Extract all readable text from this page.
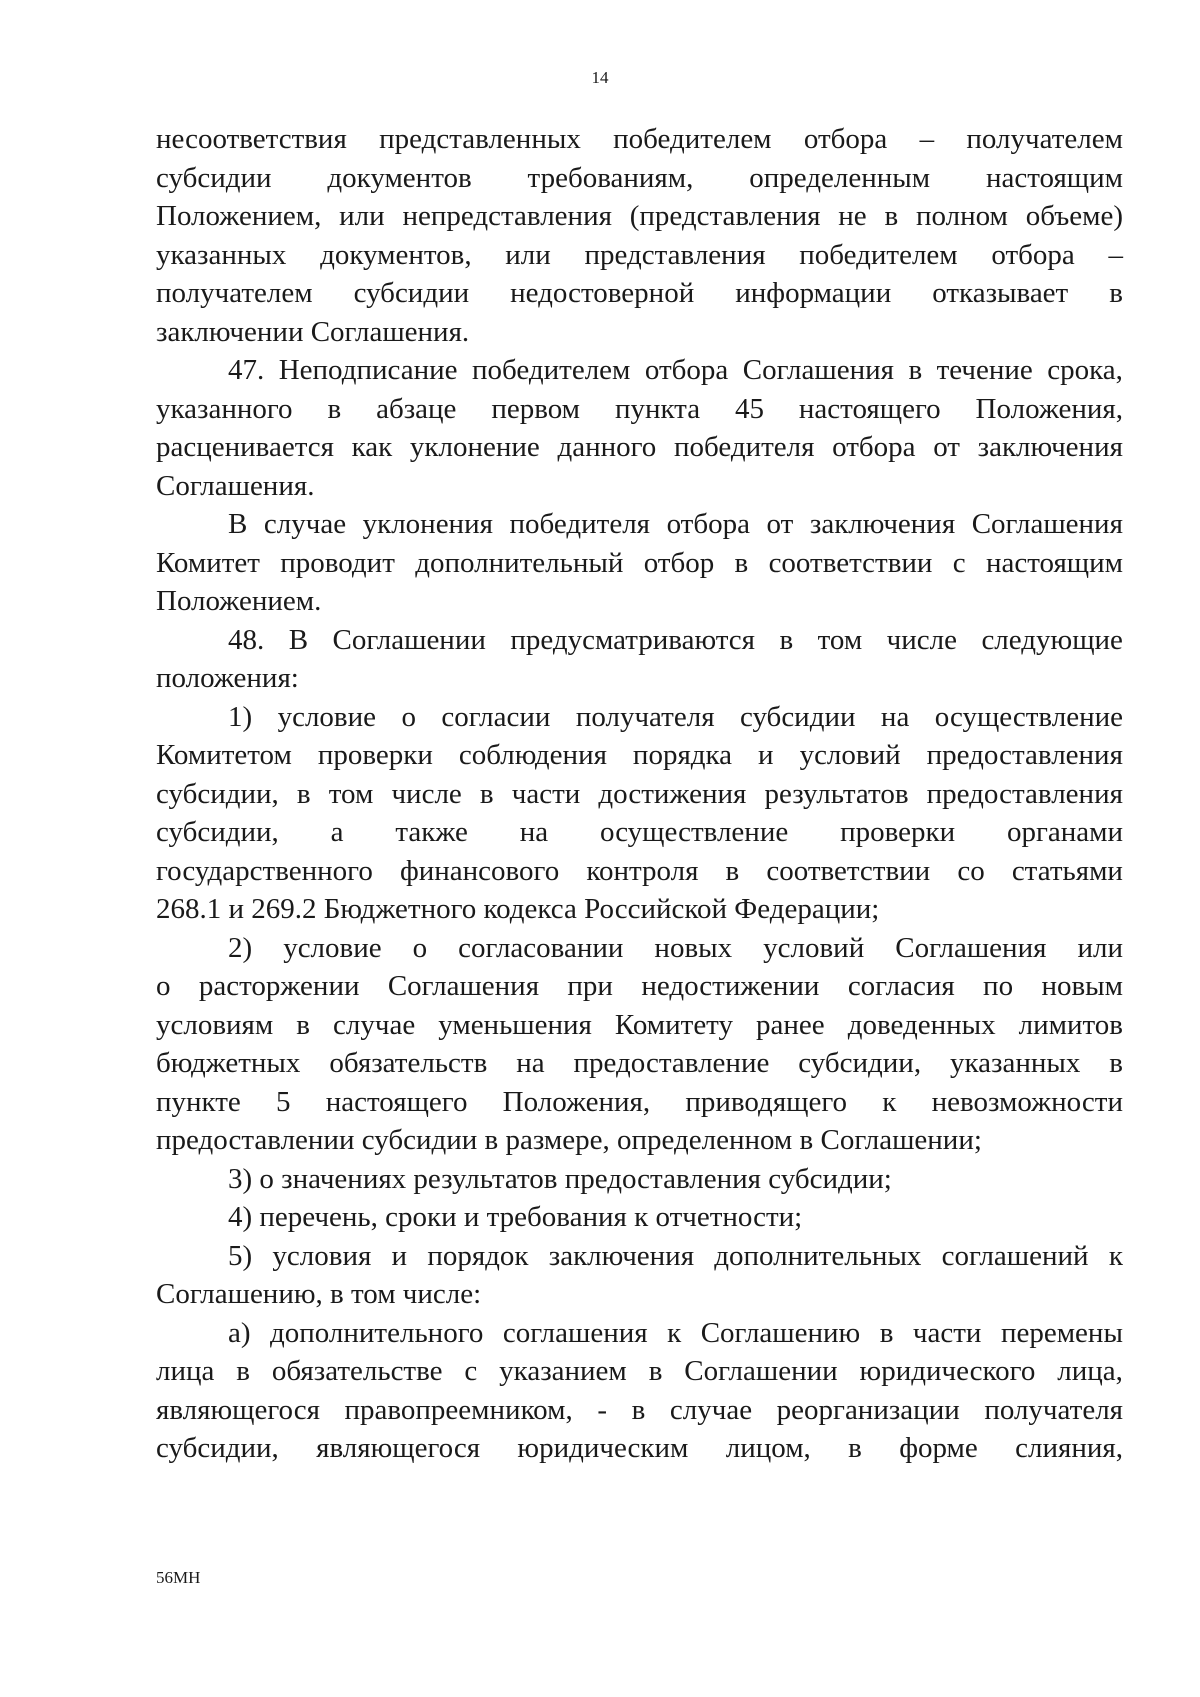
14
несоответствия представленных победителем отбора – получателем
субсидии документов требованиям, определенным настоящим
Положением, или непредставления (представления не в полном объеме)
указанных документов, или представления победителем отбора –
получателем субсидии недостоверной информации отказывает в
заключении Соглашения.
47. Неподписание победителем отбора Соглашения в течение срока,
указанного в абзаце первом пункта 45 настоящего Положения,
расценивается как уклонение данного победителя отбора от заключения
Соглашения.
В случае уклонения победителя отбора от заключения Соглашения
Комитет проводит дополнительный отбор в соответствии с настоящим
Положением.
48. В Соглашении предусматриваются в том числе следующие
положения:
1) условие о согласии получателя субсидии на осуществление
Комитетом проверки соблюдения порядка и условий предоставления
субсидии, в том числе в части достижения результатов предоставления
субсидии, а также на осуществление проверки органами
государственного финансового контроля в соответствии со статьями
268.1 и 269.2 Бюджетного кодекса Российской Федерации;
2) условие о согласовании новых условий Соглашения или
о расторжении Соглашения при недостижении согласия по новым
условиям в случае уменьшения Комитету ранее доведенных лимитов
бюджетных обязательств на предоставление субсидии, указанных в
пункте 5 настоящего Положения, приводящего к невозможности
предоставлении субсидии в размере, определенном в Соглашении;
3) о значениях результатов предоставления субсидии;
4) перечень, сроки и требования к отчетности;
5) условия и порядок заключения дополнительных соглашений к
Соглашению, в том числе:
а) дополнительного соглашения к Соглашению в части перемены
лица в обязательстве с указанием в Соглашении юридического лица,
являющегося правопреемником, - в случае реорганизации получателя
субсидии, являющегося юридическим лицом, в форме слияния,
56МН
